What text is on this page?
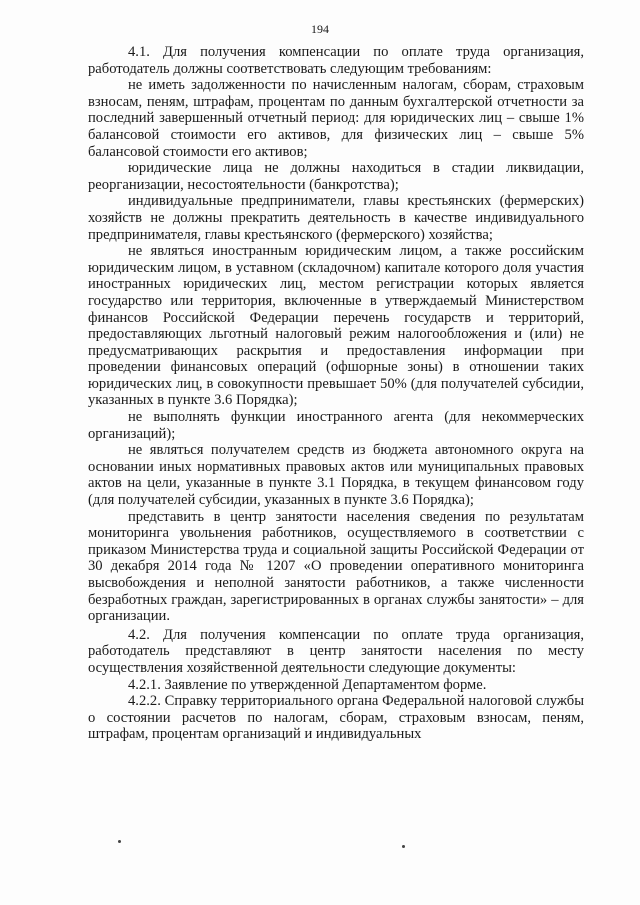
194

4.1. Для получения компенсации по оплате труда организация, работодатель должны соответствовать следующим требованиям:

не иметь задолженности по начисленным налогам, сборам, страховым взносам, пеням, штрафам, процентам по данным бухгалтерской отчетности за последний завершенный отчетный период: для юридических лиц – свыше 1% балансовой стоимости его активов, для физических лиц – свыше 5% балансовой стоимости его активов;

юридические лица не должны находиться в стадии ликвидации, реорганизации, несостоятельности (банкротства);

индивидуальные предприниматели, главы крестьянских (фермерских) хозяйств не должны прекратить деятельность в качестве индивидуального предпринимателя, главы крестьянского (фермерского) хозяйства;

не являться иностранным юридическим лицом, а также российским юридическим лицом, в уставном (складочном) капитале которого доля участия иностранных юридических лиц, местом регистрации которых является государство или территория, включенные в утверждаемый Министерством финансов Российской Федерации перечень государств и территорий, предоставляющих льготный налоговый режим налогообложения и (или) не предусматривающих раскрытия и предоставления информации при проведении финансовых операций (офшорные зоны) в отношении таких юридических лиц, в совокупности превышает 50% (для получателей субсидии, указанных в пункте 3.6 Порядка);

не выполнять функции иностранного агента (для некоммерческих организаций);

не являться получателем средств из бюджета автономного округа на основании иных нормативных правовых актов или муниципальных правовых актов на цели, указанные в пункте 3.1 Порядка, в текущем финансовом году (для получателей субсидии, указанных в пункте 3.6 Порядка);

представить в центр занятости населения сведения по результатам мониторинга увольнения работников, осуществляемого в соответствии с приказом Министерства труда и социальной защиты Российской Федерации от 30 декабря 2014 года № 1207 «О проведении оперативного мониторинга высвобождения и неполной занятости работников, а также численности безработных граждан, зарегистрированных в органах службы занятости» – для организации.

4.2. Для получения компенсации по оплате труда организация, работодатель представляют в центр занятости населения по месту осуществления хозяйственной деятельности следующие документы:

4.2.1. Заявление по утвержденной Департаментом форме.

4.2.2. Справку территориального органа Федеральной налоговой службы о состоянии расчетов по налогам, сборам, страховым взносам, пеням, штрафам, процентам организаций и индивидуальных
